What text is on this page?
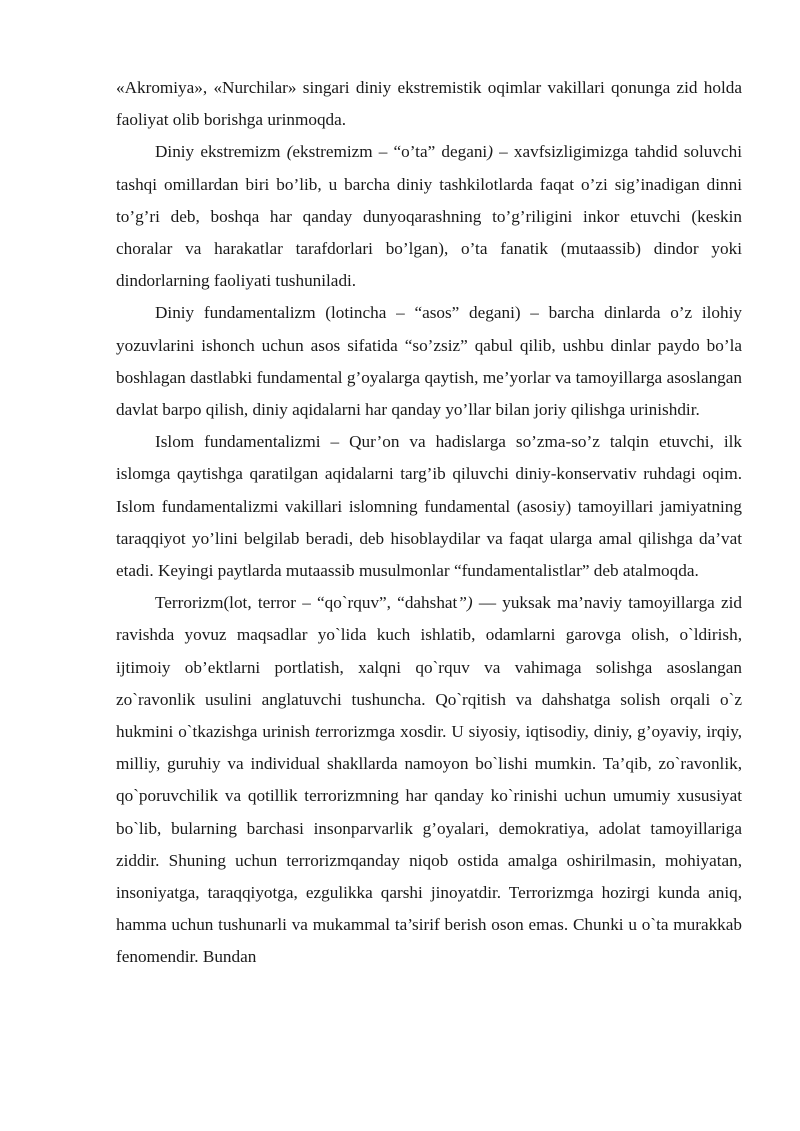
«Akromiya», «Nurchilar» singari diniy ekstremistik oqimlar vakillari qonunga zid holda faoliyat olib borishga urinmoqda.

Diniy ekstremizm (ekstremizm – “o’ta” degani) – xavfsizligimizga tahdid soluvchi tashqi omillardan biri bo’lib, u barcha diniy tashkilotlarda faqat o’zi sig’inadigan dinni to’g’ri deb, boshqa har qanday dunyoqarashning to’g’riligini inkor etuvchi (keskin choralar va harakatlar tarafdorlari bo’lgan), o’ta fanatik (mutaassib) dindor yoki dindorlarning faoliyati tushuniladi.

Diniy fundamentalizm (lotincha – “asos” degani) – barcha dinlarda o’z ilohiy yozuvlarini ishonch uchun asos sifatida “so’zsiz” qabul qilib, ushbu dinlar paydo bo’la boshlagan dastlabki fundamental g’oyalarga qaytish, me’yorlar va tamoyillarga asoslangan davlat barpo qilish, diniy aqidalarni har qanday yo’llar bilan joriy qilishga urinishdir.

Islom fundamentalizmi – Qur’on va hadislarga so’zma-so’z talqin etuvchi, ilk islomga qaytishga qaratilgan aqidalarni targ’ib qiluvchi diniy-konservativ ruhdagi oqim. Islom fundamentalizmi vakillari islomning fundamental (asosiy) tamoyillari jamiyatning taraqqiyot yo’lini belgilab beradi, deb hisoblaydilar va faqat ularga amal qilishga da’vat etadi. Keyingi paytlarda mutaassib musulmonlar “fundamentalistlar” deb atalmoqda.

Terrorizm(lot, terror – “qo`rquv”, “dahshat”) — yuksak ma’naviy tamoyillarga zid ravishda yovuz maqsadlar yo`lida kuch ishlatib, odamlarni garovga olish, o`ldirish, ijtimoiy ob’ektlarni portlatish, xalqni qo`rquv va vahimaga solishga asoslangan zo`ravonlik usulini anglatuvchi tushuncha. Qo`rqitish va dahshatga solish orqali o`z hukmini o`tkazishga urinish terrorizmga xosdir. U siyosiy, iqtisodiy, diniy, g’oyaviy, irqiy, milliy, guruhiy va individual shakllarda namoyon bo`lishi mumkin. Ta’qib, zo`ravonlik, qo`poruvchilik va qotillik terrorizmning har qanday ko`rinishi uchun umumiy xususiyat bo`lib, bularning barchasi insonparvarlik g’oyalari, demokratiya, adolat tamoyillariga ziddir. Shuning uchun terrorizmqanday niqob ostida amalga oshirilmasin, mohiyatan, insoniyatga, taraqqiyotga, ezgulikka qarshi jinoyatdir. Terrorizmga hozirgi kunda aniq, hamma uchun tushunarli va mukammal ta’sirif berish oson emas. Chunki u o`ta murakkab fenomendir. Bundan
